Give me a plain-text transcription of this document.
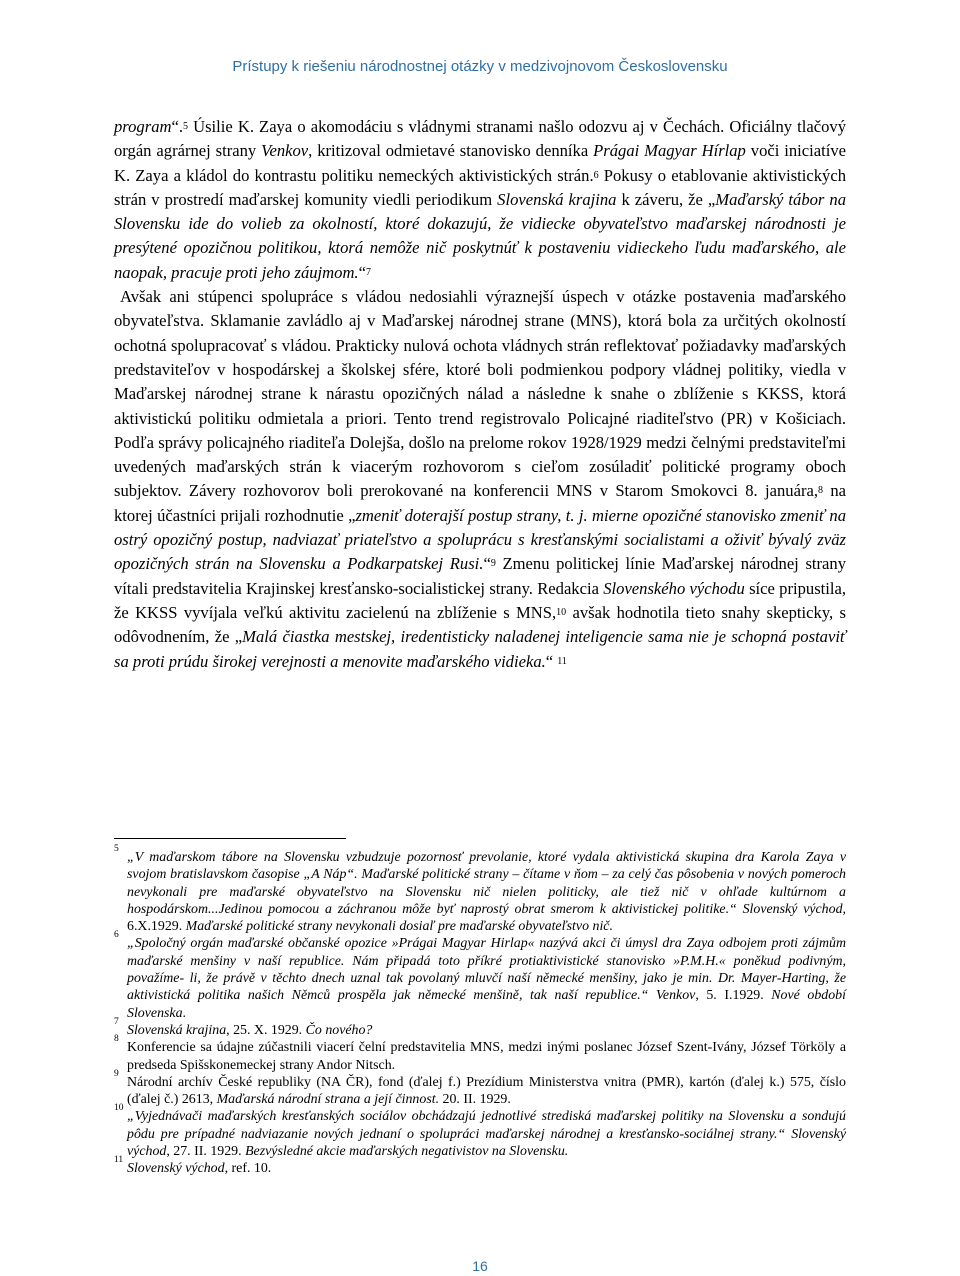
Prístupy k riešeniu národnostnej otázky v medzivojnovom Československu

program“.$^5$ Úsilie K. Zaya o akomodáciu s vládnymi stranami našlo odozvu aj v Čechách. Oficiálny tlačový orgán agrárnej strany Venkov, kritizoval odmietavé stanovisko denníka Prágai Magyar Hírlap voči iniciatíve K. Zaya a kládol do kontrastu politiku nemeckých aktivistických strán.$^6$ Pokusy o etablovanie aktivistických strán v prostredí maďarskej komunity viedli periodikum Slovenská krajina k záveru, že „Maďarský tábor na Slovensku ide do volieb za okolností, ktoré dokazujú, že vidiecke obyvateľstvo maďarskej národnosti je presýtené opozičnou politikou, ktorá nemôže nič poskytnúť k postaveniu vidieckeho ľudu maďarského, ale naopak, pracuje proti jeho záujmom.“$^7$

Avšak ani stúpenci spolupráce s vládou nedosiahli výraznejší úspech v otázke postavenia maďarského obyvateľstva. Sklamanie zavládlo aj v Maďarskej národnej strane (MNS), ktorá bola za určitých okolností ochotná spolupracovať s vládou. Prakticky nulová ochota vládnych strán reflektovať požiadavky maďarských predstaviteľov v hospodárskej a školskej sfére, ktoré boli podmienkou podpory vládnej politiky, viedla v Maďarskej národnej strane k nárastu opozičných nálad a následne k snahe o zblíženie s KKSS, ktorá aktivistickú politiku odmietala a priori. Tento trend registrovalo Policajné riaditeľstvo (PR) v Košiciach. Podľa správy policajného riaditeľa Dolejša, došlo na prelome rokov 1928/1929 medzi čelnými predstaviteľmi uvedených maďarských strán k viacerým rozhovorom s cieľom zosúladiť politické programy oboch subjektov. Závery rozhovorov boli prerokované na konferencii MNS v Starom Smokovci 8. januára,$^8$ na ktorej účastníci prijali rozhodnutie „zmeniť doterajší postup strany, t. j. mierne opozičné stanovisko zmeniť na ostrý opozičný postup, nadviazať priateľstvo a spoluprácu s kresťanskými socialistami a oživiť bývalý zväz opozičných strán na Slovensku a Podkarpatskej Rusi.“$^9$ Zmenu politickej línie Maďarskej národnej strany vítali predstavitelia Krajinskej kresťansko-socialistickej strany. Redakcia Slovenského východu síce pripustila, že KKSS vyvíjala veľkú aktivitu zacielenú na zblíženie s MNS,$^{10}$ avšak hodnotila tieto snahy skepticky, s odôvodnením, že „Malá čiastka mestskej, iredentisticky naladenej inteligencie sama nie je schopná postaviť sa proti prúdu širokej verejnosti a menovite maďarského vidieka.“ $^{11}$

5
„V maďarskom tábore na Slovensku vzbudzuje pozornosť prevolanie, ktoré vydala aktivistická skupina dra Karola Zaya v svojom bratislavskom časopise „A Náp“. Maďarské politické strany – čítame v ňom – za celý čas pôsobenia v nových pomeroch nevykonali pre maďarské obyvateľstvo na Slovensku nič nielen politicky, ale tiež nič v ohľade kultúrnom a hospodárskom...Jedinou pomocou a záchranou môže byť naprostý obrat smerom k aktivistickej politike.“ Slovenský východ, 6.X.1929. Maďarské politické strany nevykonali dosiaľ pre maďarské obyvateľstvo nič.

6
„Spoločný orgán maďarské občanské opozice »Prágai Magyar Hirlap« nazývá akci či úmysl dra Zaya odbojem proti zájmům maďarské menšiny v naší republice. Nám připadá toto příkré protiaktivistické stanovisko »P.M.H.« poněkud podivným, považíme- li, že právě v těchto dnech uznal tak povolaný mluvčí naší německé menšiny, jako je min. Dr. Mayer-Harting, že aktivistická politika našich Němců prospěla jak německé menšině, tak naší republice.“ Venkov, 5. I.1929. Nové období Slovenska.

7
Slovenská krajina, 25. X. 1929. Čo nového?

8
Konferencie sa údajne zúčastnili viacerí čelní predstavitelia MNS, medzi inými poslanec József Szent-Ivány, József Törköly a predseda Spišskonemeckej strany Andor Nitsch.

9
Národní archív České republiky (NA ČR), fond (ďalej f.) Prezídium Ministerstva vnitra (PMR), kartón (ďalej k.) 575, číslo (ďalej č.) 2613, Maďarská národní strana a její činnost. 20. II. 1929.

10
„Vyjednávači maďarských kresťanských sociálov obchádzajú jednotlivé strediská maďarskej politiky na Slovensku a sondujú pôdu pre prípadné nadviazanie nových jednaní o spolupráci maďarskej národnej a kresťansko-sociálnej strany.“ Slovenský východ, 27. II. 1929. Bezvýsledné akcie maďarských negativistov na Slovensku.

11
Slovenský východ, ref. 10.

16
